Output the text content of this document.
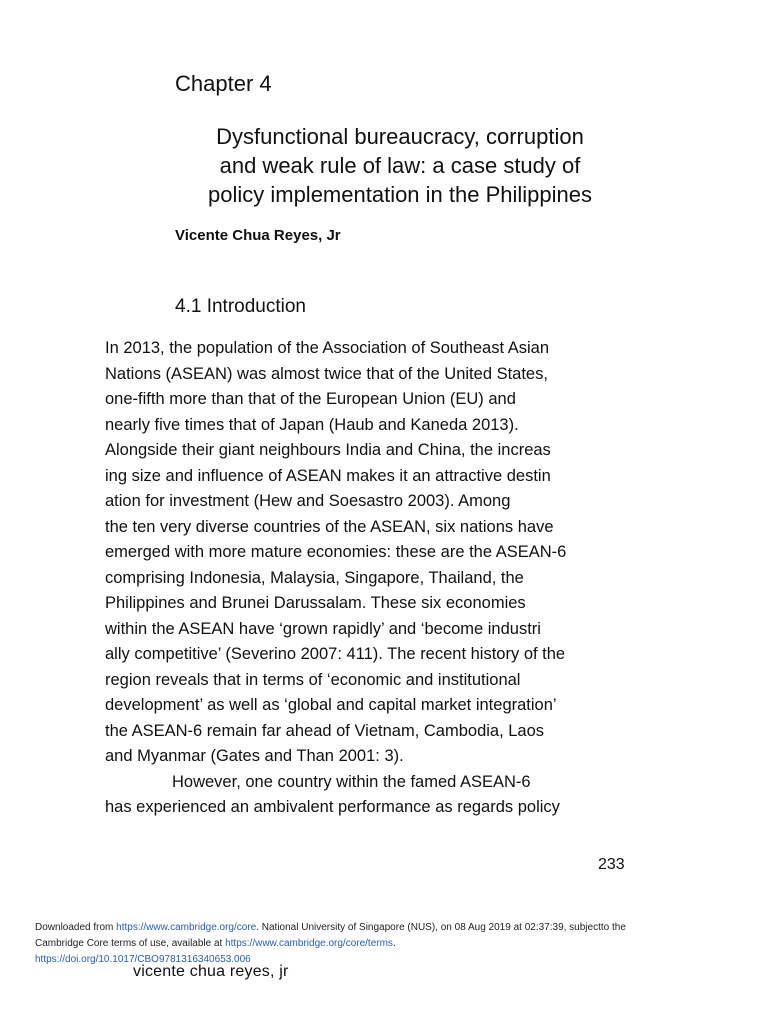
Chapter 4
Dysfunctional bureaucracy, corruption
and weak rule of law: a case study of
policy implementation in the Philippines

Vicente Chua Reyes, Jr

4.1 Introduction
In 2013, the population of the Association of Southeast Asian
Nations (ASEAN) was almost twice that of the United States,
one-fifth more than that of the European Union (EU) and
nearly five times that of Japan (Haub and Kaneda 2013).
Alongside their giant neighbours India and China, the increas
ing size and influence of ASEAN makes it an attractive destin
ation for investment (Hew and Soesastro 2003). Among
the ten very diverse countries of the ASEAN, six nations have
emerged with more mature economies: these are the ASEAN-6
comprising Indonesia, Malaysia, Singapore, Thailand, the
Philippines and Brunei Darussalam. These six economies
within the ASEAN have ‘grown rapidly’ and ‘become industri
ally competitive’ (Severino 2007: 411). The recent history of the
region reveals that in terms of ‘economic and institutional
development’ as well as ‘global and capital market integration’
the ASEAN-6 remain far ahead of Vietnam, Cambodia, Laos
and Myanmar (Gates and Than 2001: 3).
However, one country within the famed ASEAN-6
has experienced an ambivalent performance as regards policy

233

Downloaded from https://www.cambridge.org/core. National University of Singapore (NUS), on 08 Aug 2019 at 02:37:39, subjectto the
Cambridge Core terms of use, available at https://www.cambridge.org/core/terms.
https://doi.org/10.1017/CBO9781316340653.006

vicente chua reyes, jr
